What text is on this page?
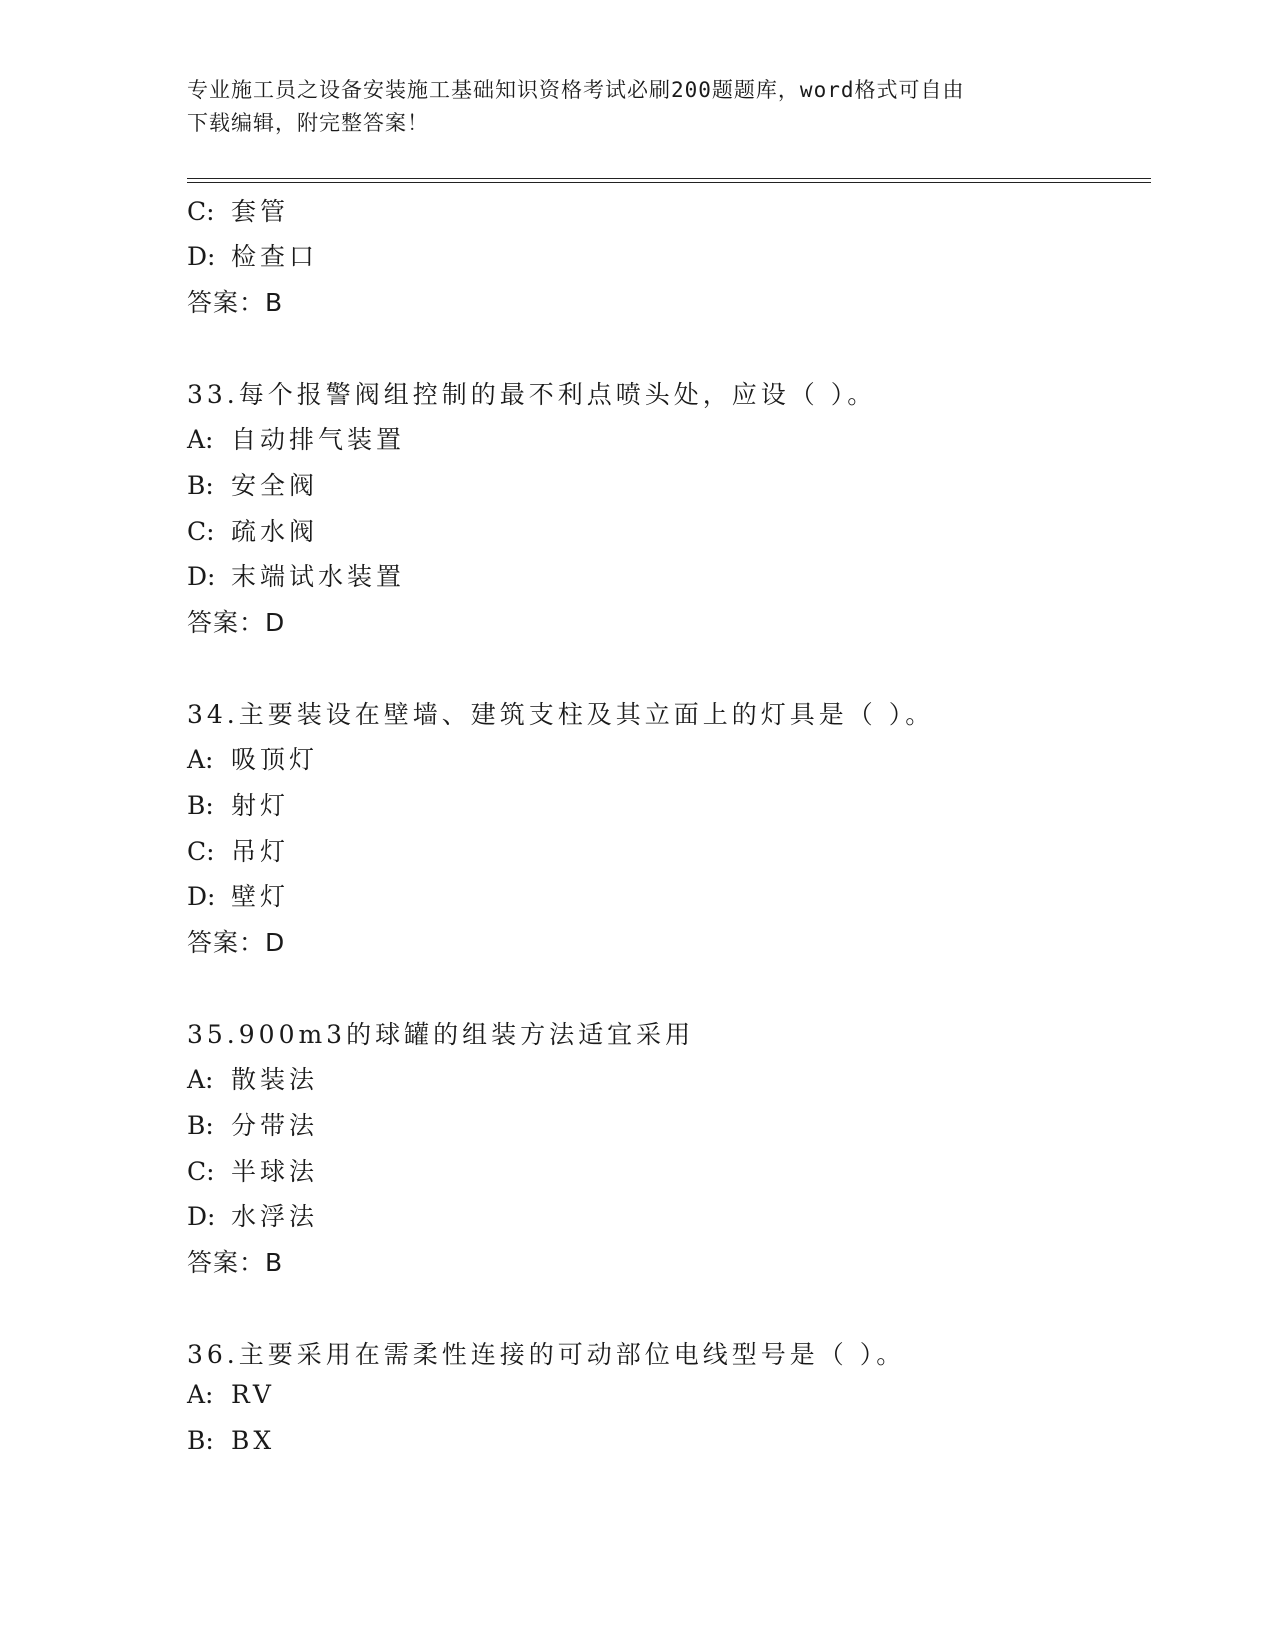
专业施工员之设备安装施工基础知识资格考试必刷200题题库，word格式可自由
下载编辑，附完整答案！
C: 套管
D: 检查口
答案：B
33.每个报警阀组控制的最不利点喷头处，应设（ ）。
A: 自动排气装置
B: 安全阀
C: 疏水阀
D: 末端试水装置
答案：D
34.主要装设在壁墙、建筑支柱及其立面上的灯具是（ ）。
A: 吸顶灯
B: 射灯
C: 吊灯
D: 壁灯
答案：D
35.900m3的球罐的组装方法适宜采用
A: 散装法
B: 分带法
C: 半球法
D: 水浮法
答案：B
36.主要采用在需柔性连接的可动部位电线型号是（ ）。
A: RV
B: BX
